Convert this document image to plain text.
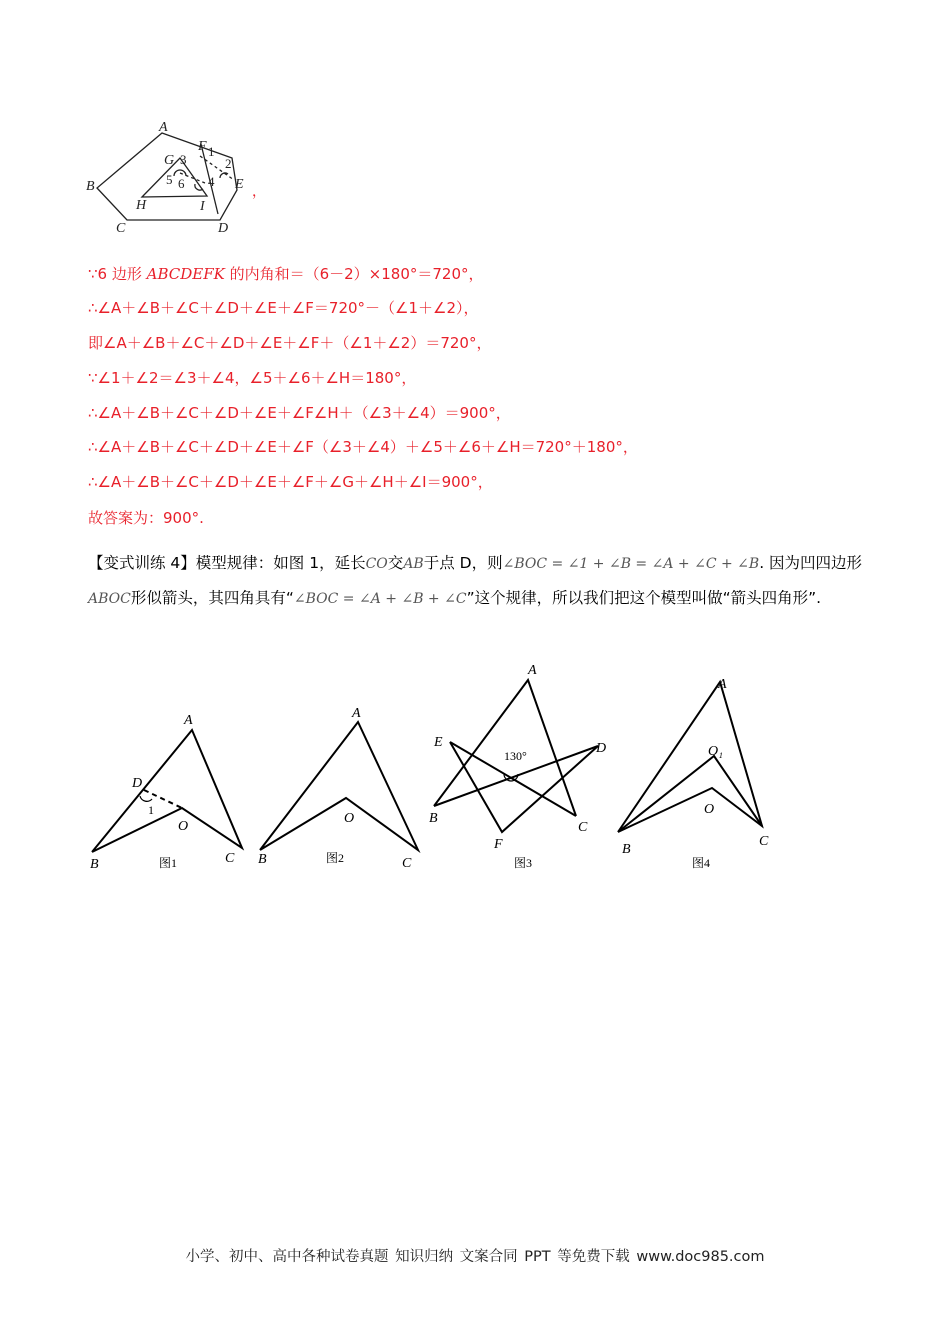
A
B
C	D
E
F
G
H	I
1
2
3
4
5 6
，
∵6 边形 ABCDEFK 的内角和＝（6－2）×180°＝720°，
∴∠A＋∠B＋∠C＋∠D＋∠E＋∠F＝720°－（∠1＋∠2），
即∠A＋∠B＋∠C＋∠D＋∠E＋∠F＋（∠1＋∠2）＝720°，
∵∠1＋∠2＝∠3＋∠4，∠5＋∠6＋∠H＝180°，
∴∠A＋∠B＋∠C＋∠D＋∠E＋∠F∠H＋（∠3＋∠4）＝900°，
∴∠A＋∠B＋∠C＋∠D＋∠E＋∠F（∠3＋∠4）＋∠5＋∠6＋∠H＝720°＋180°，
∴∠A＋∠B＋∠C＋∠D＋∠E＋∠F＋∠G＋∠H＋∠I＝900°，
故答案为：900°.
【变式训练 4】模型规律：如图 1，延长CO交AB于点 D，则∠BOC = ∠1 + ∠B = ∠A + ∠C + ∠B. 因为凹四边形ABOC形似箭头，其四角具有“∠BOC = ∠A + ∠B + ∠C”这个规律，所以我们把这个模型叫做“箭头四角形”.
A
B	C
D
O
A
B	C
O
A
B
C
D
E
F
A
B
C
O
O₁
1
130°
图1	图2	图3	图4
小学、初中、高中各种试卷真题 知识归纳 文案合同 PPT 等免费下载 www.doc985.com
